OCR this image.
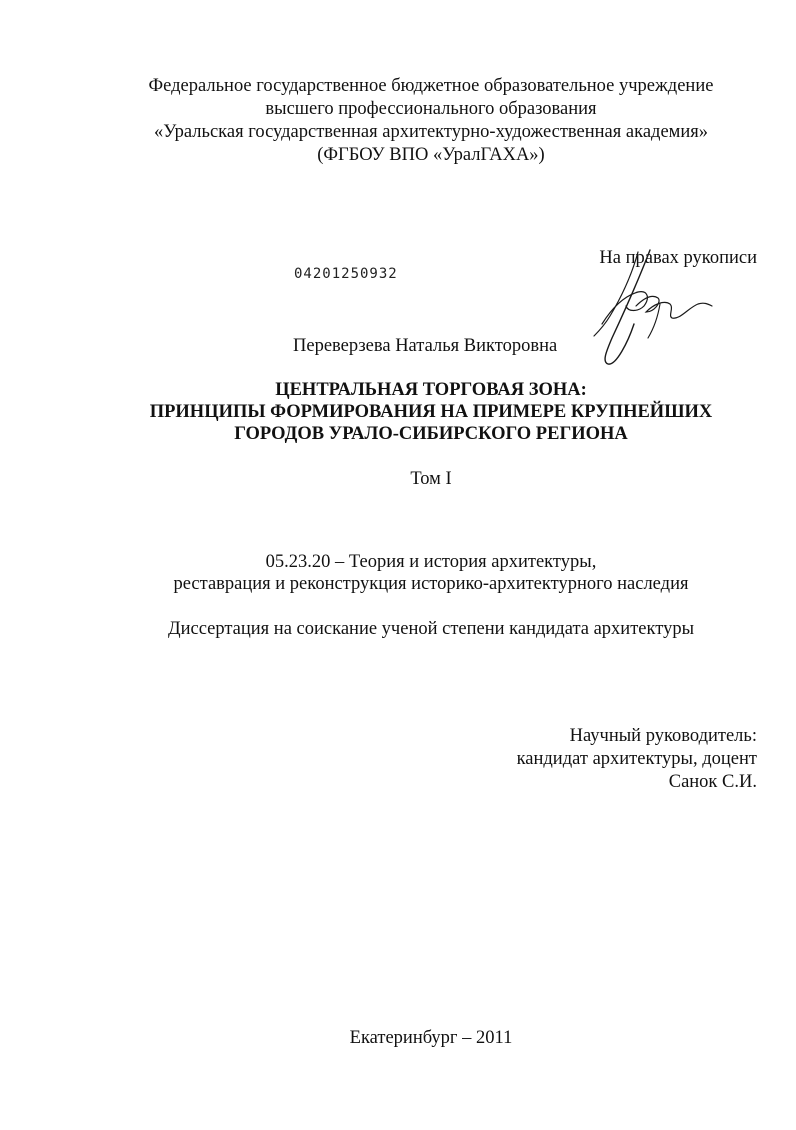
Федеральное государственное бюджетное образовательное учреждение
высшего профессионального образования
«Уральская государственная архитектурно-художественная академия»
(ФГБОУ ВПО «УралГАХА»)
04201250932
На правах рукописи
Переверзева Наталья Викторовна
ЦЕНТРАЛЬНАЯ ТОРГОВАЯ ЗОНА:
ПРИНЦИПЫ ФОРМИРОВАНИЯ НА ПРИМЕРЕ КРУПНЕЙШИХ
ГОРОДОВ УРАЛО-СИБИРСКОГО РЕГИОНА
Том I
05.23.20 – Теория и история архитектуры,
реставрация и реконструкция историко-архитектурного наследия
Диссертация на соискание ученой степени кандидата архитектуры
Научный руководитель:
кандидат архитектуры, доцент
Санок С.И.
Екатеринбург – 2011
